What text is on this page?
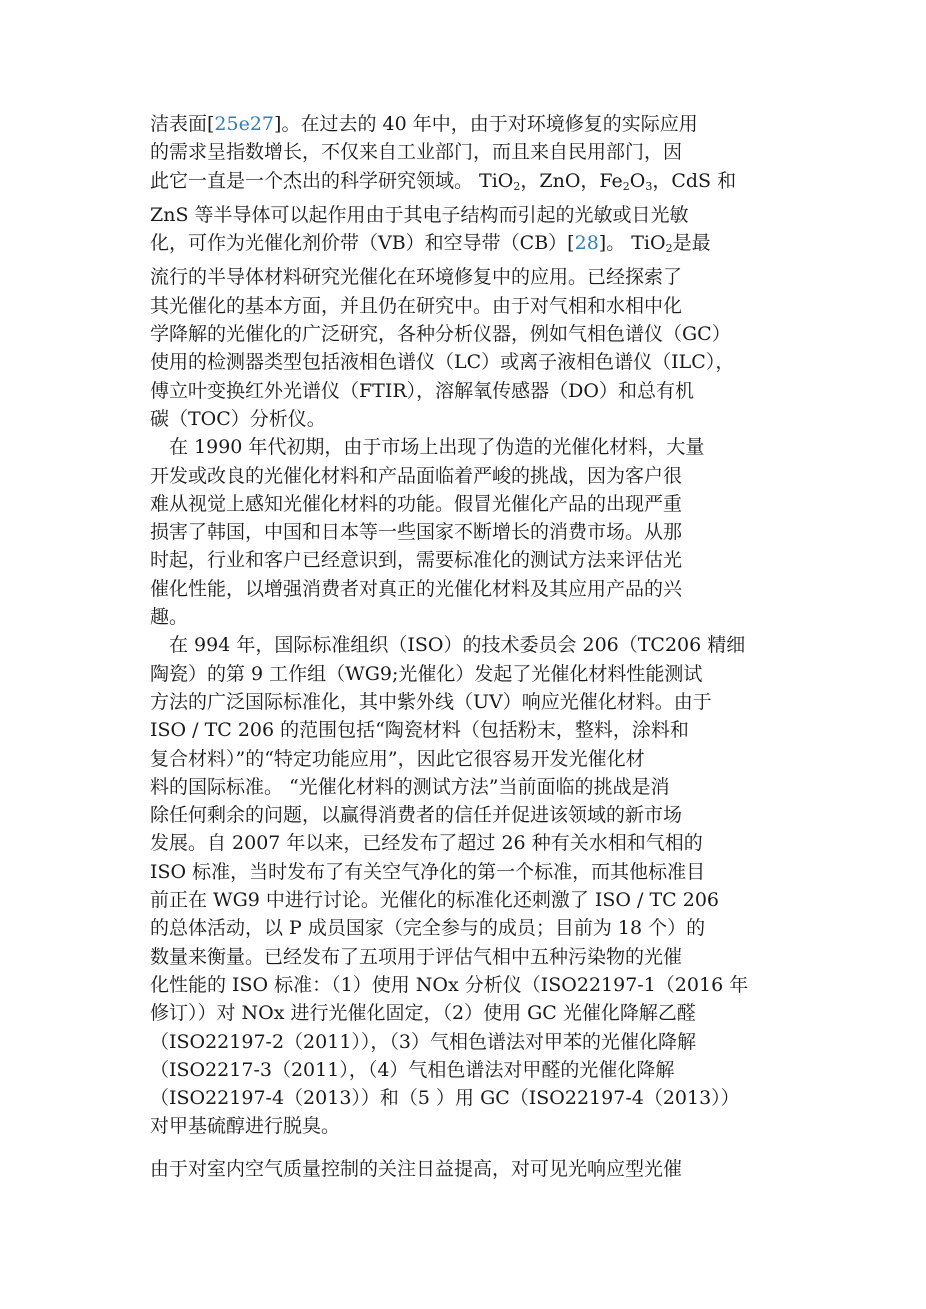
洁表面[25e27]。在过去的 40 年中，由于对环境修复的实际应用
的需求呈指数增长，不仅来自工业部门，而且来自民用部门，因
此它一直是一个杰出的科学研究领域。 TiO$_2$，ZnO，$Fe_2O_3$，CdS 和
ZnS 等半导体可以起作用由于其电子结构而引起的光敏或日光敏
化，可作为光催化剂价带（VB）和空导带（CB）[28]。 TiO$_2$是最
流行的半导体材料研究光催化在环境修复中的应用。已经探索了
其光催化的基本方面，并且仍在研究中。由于对气相和水相中化
学降解的光催化的广泛研究，各种分析仪器，例如气相色谱仪（GC）
使用的检测器类型包括液相色谱仪（LC）或离子液相色谱仪（ILC），
傅立叶变换红外光谱仪（FTIR），溶解氧传感器（DO）和总有机
碳（TOC）分析仪。
　在 1990 年代初期，由于市场上出现了伪造的光催化材料，大量
开发或改良的光催化材料和产品面临着严峻的挑战，因为客户很
难从视觉上感知光催化材料的功能。假冒光催化产品的出现严重
损害了韩国，中国和日本等一些国家不断增长的消费市场。从那
时起，行业和客户已经意识到，需要标准化的测试方法来评估光
催化性能，以增强消费者对真正的光催化材料及其应用产品的兴
趣。
　在 994 年，国际标准组织（ISO）的技术委员会 206（TC206 精细
陶瓷）的第 9 工作组（WG9;光催化）发起了光催化材料性能测试
方法的广泛国际标准化，其中紫外线（UV）响应光催化材料。由于
ISO / TC 206 的范围包括“陶瓷材料（包括粉末，整料，涂料和
复合材料）”的“特定功能应用”，因此它很容易开发光催化材
料的国际标准。 “光催化材料的测试方法”当前面临的挑战是消
除任何剩余的问题，以赢得消费者的信任并促进该领域的新市场
发展。自 2007 年以来，已经发布了超过 26 种有关水相和气相的
ISO 标准，当时发布了有关空气净化的第一个标准，而其他标准目
前正在 WG9 中进行讨论。光催化的标准化还刺激了 ISO / TC 206
的总体活动，以 P 成员国家（完全参与的成员；目前为 18 个）的
数量来衡量。已经发布了五项用于评估气相中五种污染物的光催
化性能的 ISO 标准：（1）使用 NOx 分析仪（ISO22197-1（2016 年
修订））对 NOx 进行光催化固定，（2）使用 GC 光催化降解乙醛
（ISO22197-2（2011）），（3）气相色谱法对甲苯的光催化降解
（ISO2217-3（2011），（4）气相色谱法对甲醛的光催化降解
（ISO22197-4（2013））和（5 ）用 GC（ISO22197-4（2013））
对甲基硫醇进行脱臭。
由于对室内空气质量控制的关注日益提高，对可见光响应型光催
